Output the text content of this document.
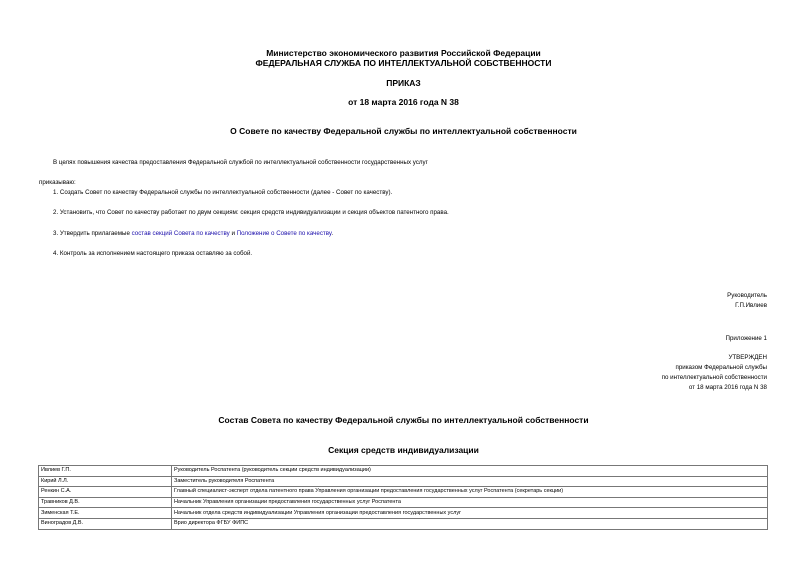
Министерство экономического развития Российской Федерации
ФЕДЕРАЛЬНАЯ СЛУЖБА ПО ИНТЕЛЛЕКТУАЛЬНОЙ СОБСТВЕННОСТИ
ПРИКАЗ
от 18 марта 2016 года N 38
О Совете по качеству Федеральной службы по интеллектуальной собственности
В целях повышения качества предоставления Федеральной службой по интеллектуальной собственности государственных услуг
приказываю:
1. Создать Совет по качеству Федеральной службы по интеллектуальной собственности (далее - Совет по качеству).
2. Установить, что Совет по качеству работает по двум секциям: секция средств индивидуализации и секция объектов патентного права.
3. Утвердить прилагаемые состав секций Совета по качеству и Положение о Совете по качеству.
4. Контроль за исполнением настоящего приказа оставляю за собой.
Руководитель
Г.П.Ивлиев
Приложение 1
УТВЕРЖДЕН
приказом Федеральной службы
по интеллектуальной собственности
от 18 марта 2016 года N 38
Состав Совета по качеству Федеральной службы по интеллектуальной собственности
Секция средств индивидуализации
Ивлиев Г.П.	Руководитель Роспатента (руководитель секции средств индивидуализации)
Кирий Л.Л.	Заместитель руководителя Роспатента
Ренкин С.А.	Главный специалист-эксперт отдела патентного права Управления организации предоставления государственных услуг Роспатента (секретарь секции)
Травников Д.В.	Начальник Управления организации предоставления государственных услуг Роспатента
Зименская Т.Е.	Начальник отдела средств индивидуализации Управления организации предоставления государственных услуг
Виноградов Д.В.	Врио директора ФГБУ ФИПС
